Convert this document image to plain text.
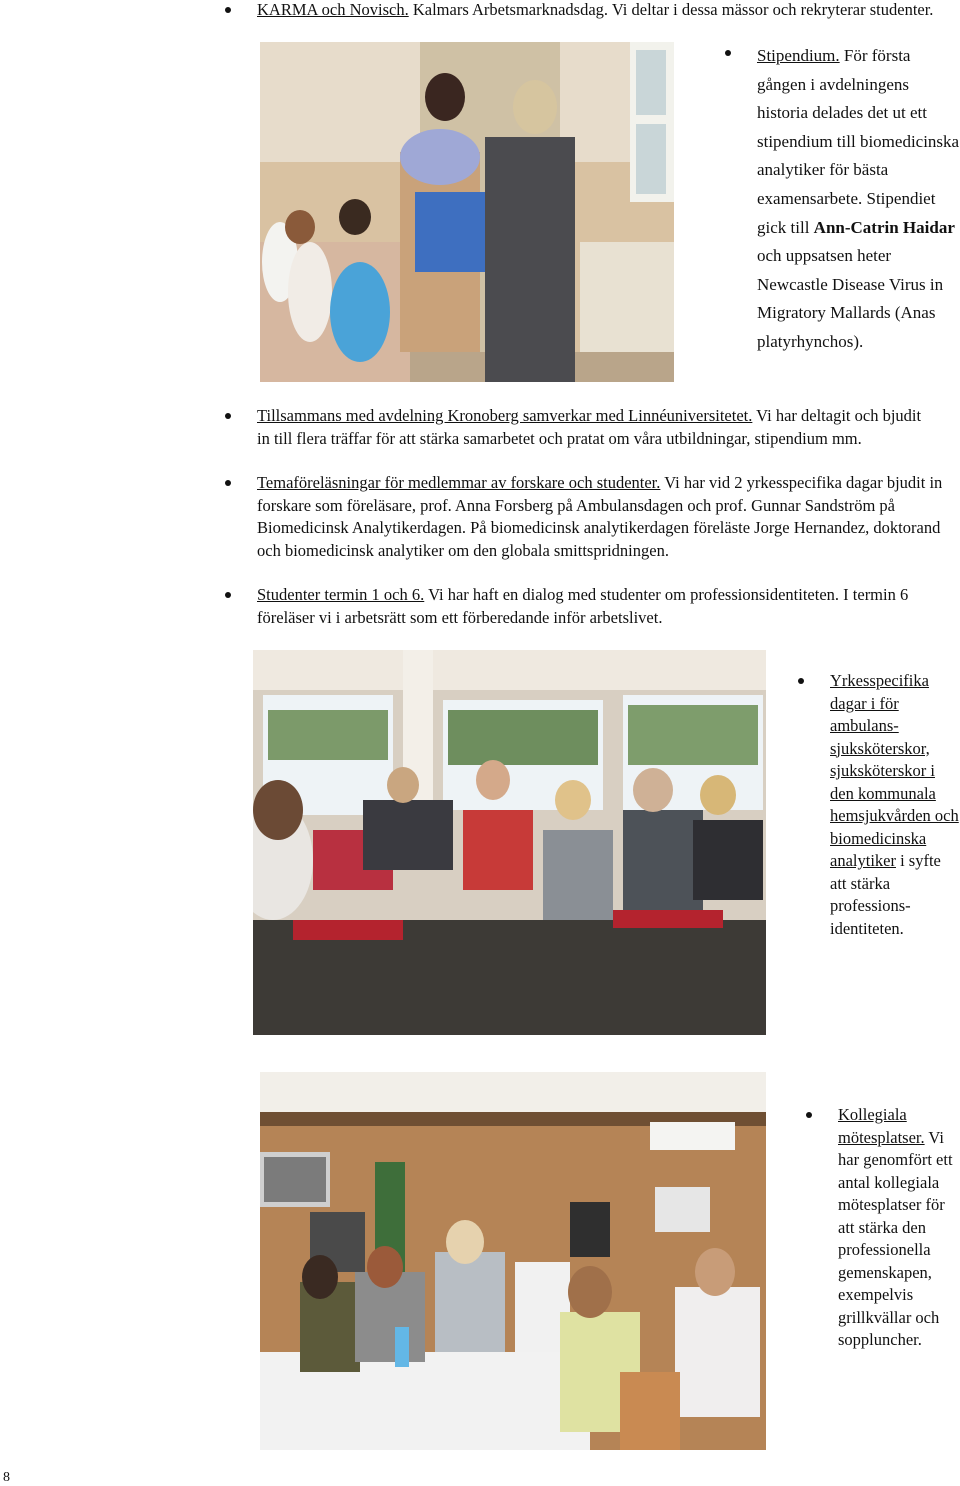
KARMA och Novisch. Kalmars Arbetsmarknadsdag. Vi deltar i dessa mässor och rekryterar studenter.
Stipendium. För första gången i avdelningens historia delades det ut ett stipendium till biomedicinska analytiker för bästa examensarbete. Stipendiet gick till Ann-Catrin Haidar och uppsatsen heter Newcastle Disease Virus in Migratory Mallards (Anas platyrhynchos).
Tillsammans med avdelning Kronoberg samverkar med Linnéuniversitetet. Vi har deltagit och bjudit in till flera träffar för att stärka samarbetet och pratat om våra utbildningar, stipendium mm.
Temaföreläsningar för medlemmar av forskare och studenter. Vi har vid 2 yrkesspecifika dagar bjudit in forskare som föreläsare, prof. Anna Forsberg på Ambulansdagen och prof. Gunnar Sandström på Biomedicinsk Analytikerdagen. På biomedicinsk analytikerdagen föreläste Jorge Hernandez, doktorand och biomedicinsk analytiker om den globala smittspridningen.
Studenter termin 1 och 6. Vi har haft en dialog med studenter om professionsidentiteten. I termin 6 föreläser vi i arbetsrätt som ett förberedande inför arbetslivet.
Yrkesspecifika dagar i för ambulans-sjuksköterskor, sjuksköterskor i den kommunala hemsjukvården och biomedicinska analytiker i syfte att stärka professions-identiteten.
Kollegiala mötesplatser. Vi har genomfört ett antal kollegiala mötesplatser för att stärka den professionella gemenskapen, exempelvis grillkvällar och soppluncher.
8
